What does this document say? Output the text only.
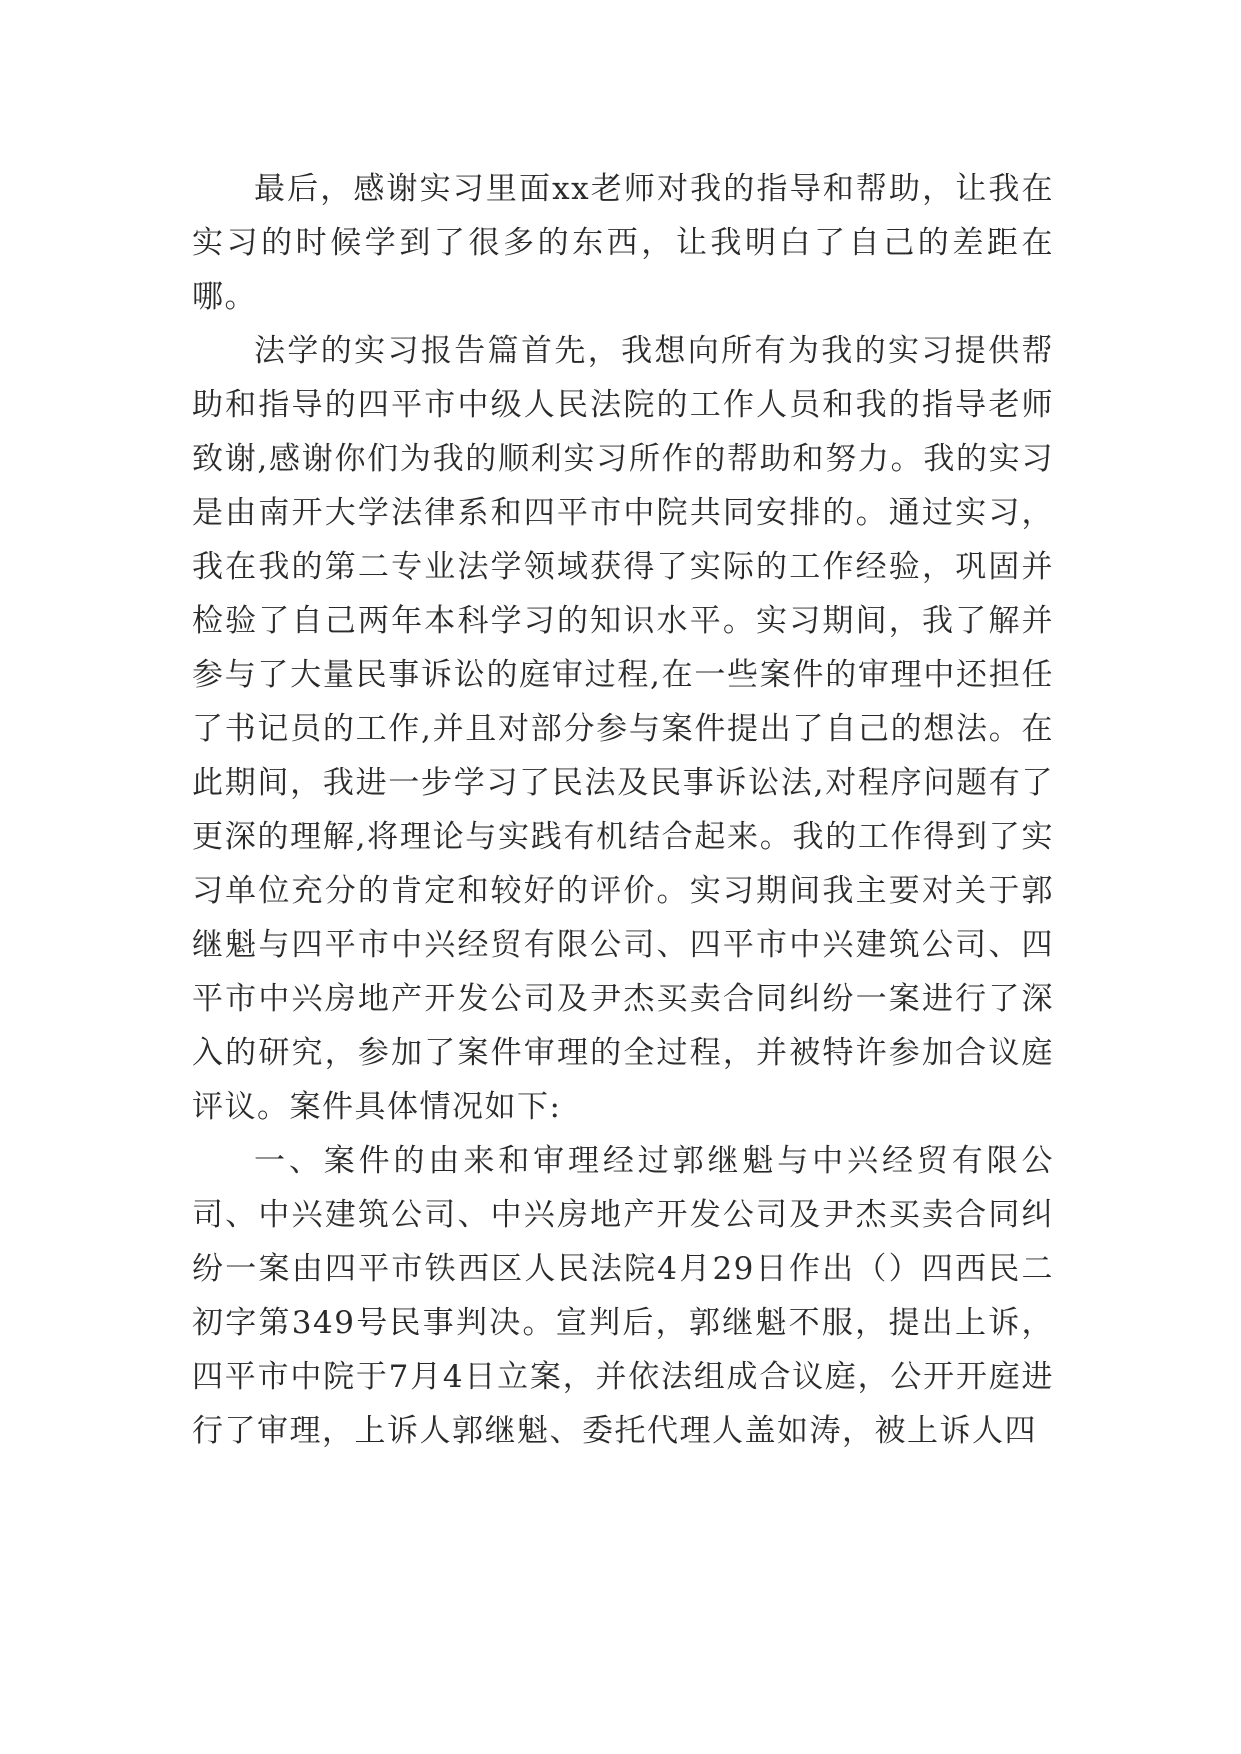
最后，感谢实习里面xx老师对我的指导和帮助，让我在实习的时候学到了很多的东西，让我明白了自己的差距在哪。

法学的实习报告篇首先，我想向所有为我的实习提供帮助和指导的四平市中级人民法院的工作人员和我的指导老师致谢,感谢你们为我的顺利实习所作的帮助和努力。我的实习是由南开大学法律系和四平市中院共同安排的。通过实习，我在我的第二专业法学领域获得了实际的工作经验，巩固并检验了自己两年本科学习的知识水平。实习期间，我了解并参与了大量民事诉讼的庭审过程,在一些案件的审理中还担任了书记员的工作,并且对部分参与案件提出了自己的想法。在此期间，我进一步学习了民法及民事诉讼法,对程序问题有了更深的理解,将理论与实践有机结合起来。我的工作得到了实习单位充分的肯定和较好的评价。实习期间我主要对关于郭继魁与四平市中兴经贸有限公司、四平市中兴建筑公司、四平市中兴房地产开发公司及尹杰买卖合同纠纷一案进行了深入的研究，参加了案件审理的全过程，并被特许参加合议庭评议。案件具体情况如下:

一、案件的由来和审理经过郭继魁与中兴经贸有限公司、中兴建筑公司、中兴房地产开发公司及尹杰买卖合同纠纷一案由四平市铁西区人民法院4月29日作出（）四西民二初字第349号民事判决。宣判后，郭继魁不服，提出上诉，四平市中院于7月4日立案，并依法组成合议庭，公开开庭进行了审理，上诉人郭继魁、委托代理人盖如涛，被上诉人四
